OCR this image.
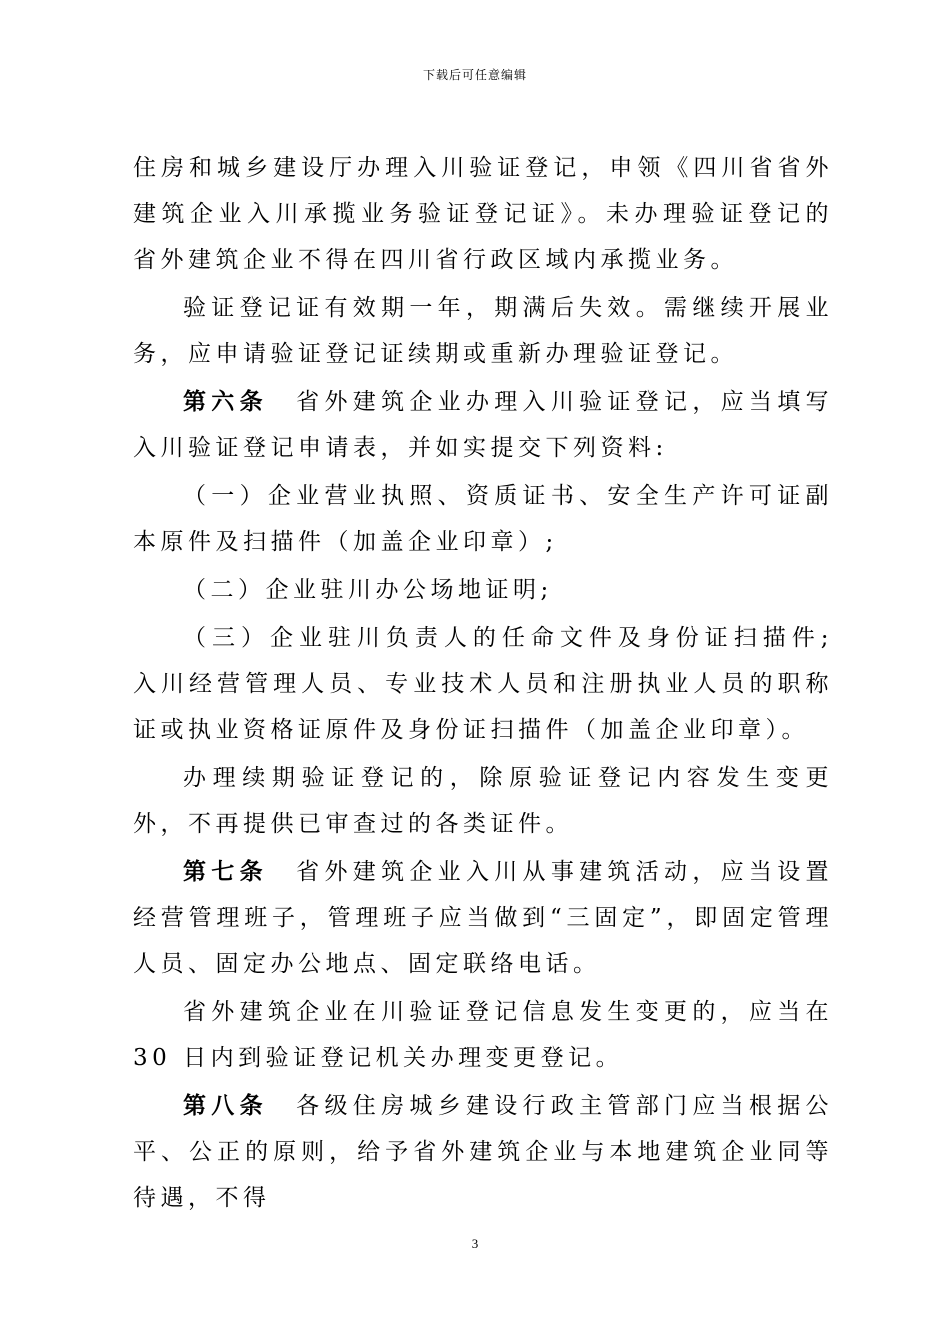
下载后可任意编辑

住房和城乡建设厅办理入川验证登记，申领《四川省省外建筑企业入川承揽业务验证登记证》。未办理验证登记的省外建筑企业不得在四川省行政区域内承揽业务。

验证登记证有效期一年，期满后失效。需继续开展业务，应申请验证登记证续期或重新办理验证登记。

第六条　省外建筑企业办理入川验证登记，应当填写入川验证登记申请表，并如实提交下列资料:

（一）企业营业执照、资质证书、安全生产许可证副本原件及扫描件（加盖企业印章）;

（二）企业驻川办公场地证明;

（三）企业驻川负责人的任命文件及身份证扫描件; 入川经营管理人员、专业技术人员和注册执业人员的职称证或执业资格证原件及身份证扫描件（加盖企业印章）。

办理续期验证登记的，除原验证登记内容发生变更外，不再提供已审查过的各类证件。

第七条　省外建筑企业入川从事建筑活动，应当设置经营管理班子，管理班子应当做到“三固定”，即固定管理人员、固定办公地点、固定联络电话。

省外建筑企业在川验证登记信息发生变更的，应当在 30 日内到验证登记机关办理变更登记。

第八条　各级住房城乡建设行政主管部门应当根据公平、公正的原则，给予省外建筑企业与本地建筑企业同等待遇，不得

3
